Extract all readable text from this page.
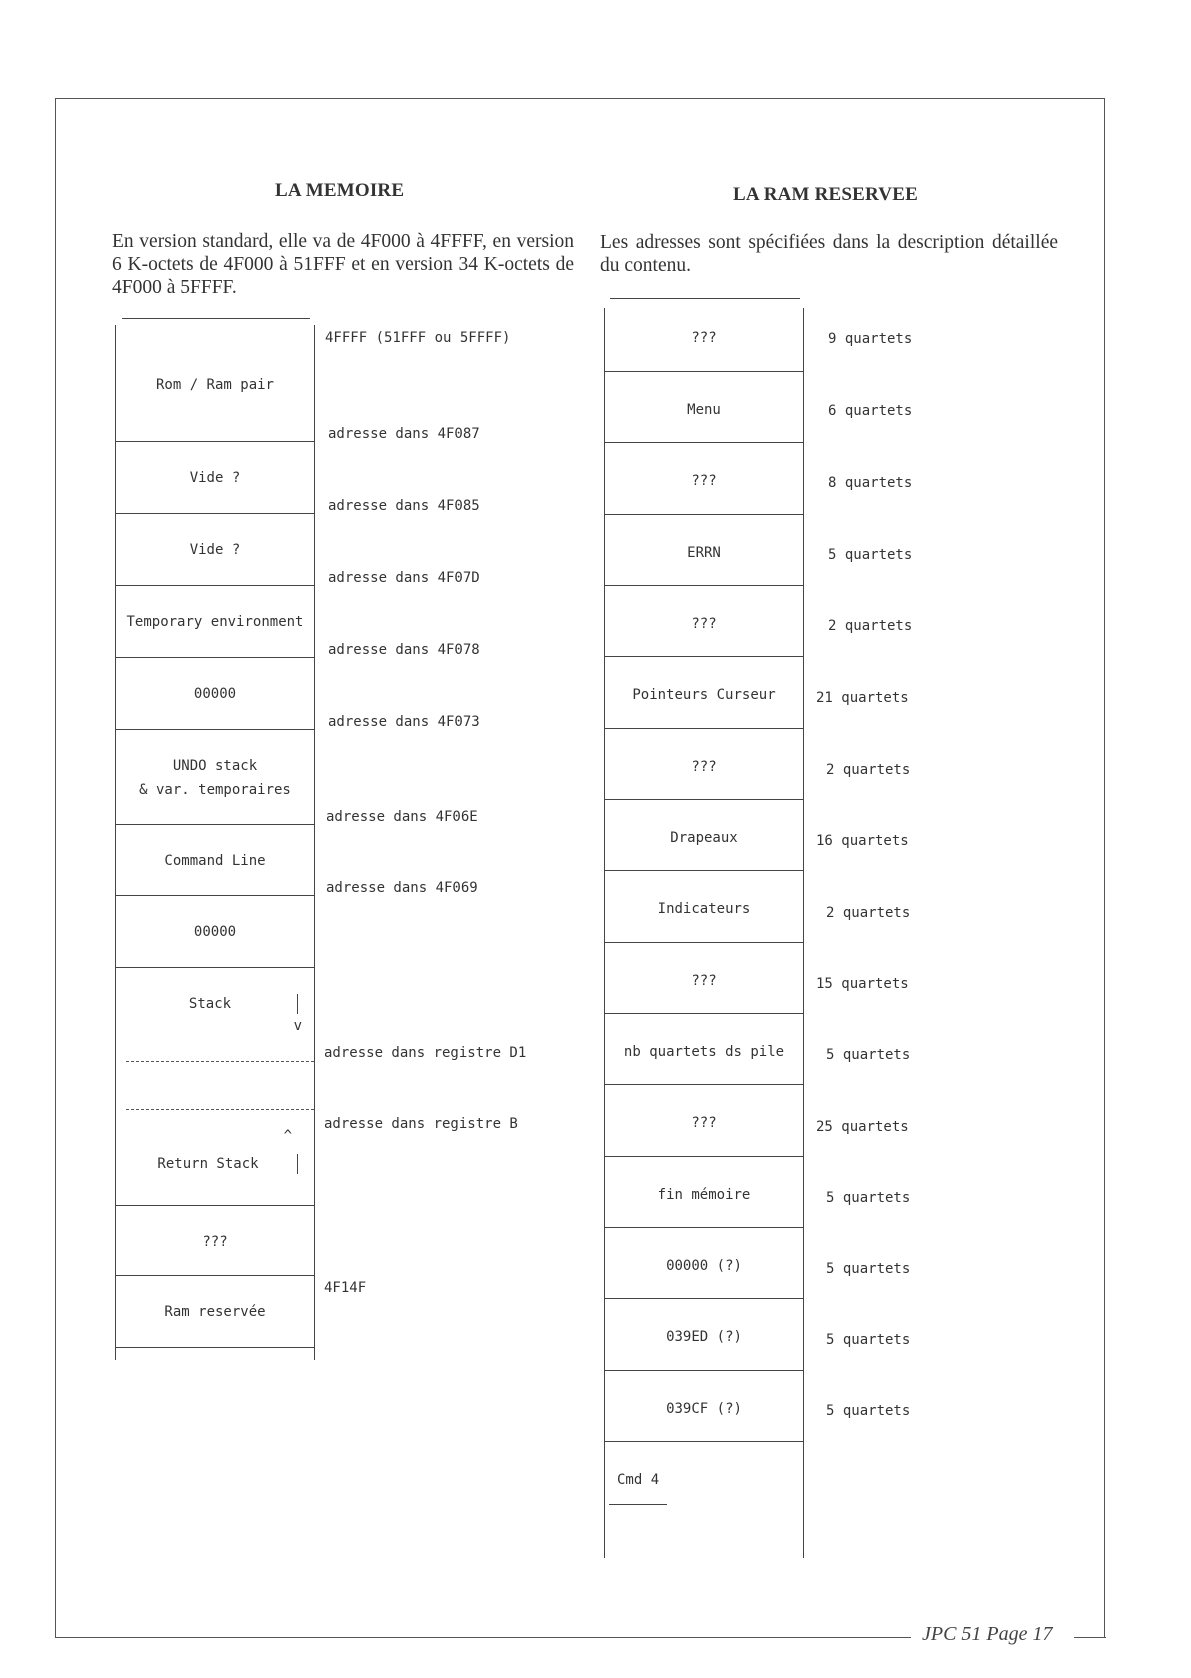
JPC 51 Page 17
LA MEMOIRE
En version standard, elle va de 4F000 à 4FFFF, en version 6 K-octets de 4F000 à 51FFF et en version 34 K-octets de 4F000 à 5FFFF.
4FFFF (51FFF ou 5FFFF)
Rom / Ram pair
Vide ?
Vide ?
Temporary environment
00000
UNDO stack
& var. temporaires
Command Line
00000
Stack
v
^
Return Stack
???
Ram reservée
adresse dans 4F087
adresse dans 4F085
adresse dans 4F07D
adresse dans 4F078
adresse dans 4F073
adresse dans 4F06E
adresse dans 4F069
adresse dans registre D1
adresse dans registre B
4F14F
LA RAM RESERVEE
Les adresses sont spécifiées dans la description détaillée du contenu.
???
Menu
???
ERRN
???
Pointeurs Curseur
???
Drapeaux
Indicateurs
???
nb quartets ds pile
???
fin mémoire
00000 (?)
039ED (?)
039CF (?)
Cmd 4
9 quartets
6 quartets
8 quartets
5 quartets
2 quartets
21 quartets
2 quartets
16 quartets
2 quartets
15 quartets
5 quartets
25 quartets
5 quartets
5 quartets
5 quartets
5 quartets
